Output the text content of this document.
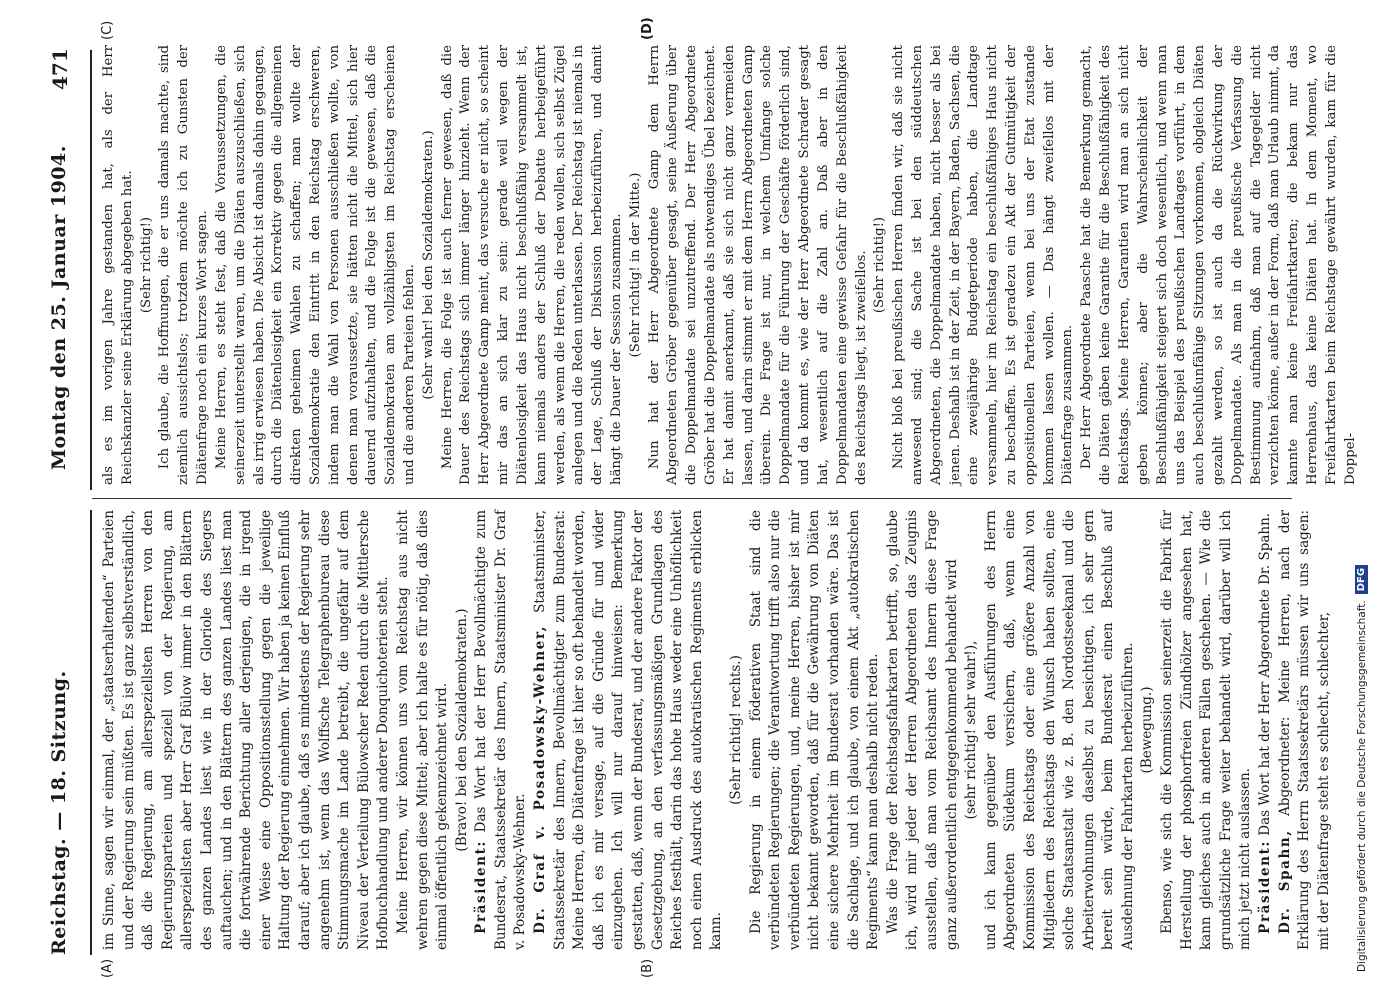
Reichstag. — 18. Sitzung.
Montag den 25. Januar 1904.
471
(A)	(B)
(C)	(D)

im Sinne, sagen wir einmal, der „staatserhaltenden“ Parteien und der Regierung sein müßten. Es ist ganz selbstverständlich, daß die Regierung, am allerspeziellsten Herren von den Regierungsparteien und speziell von der Regierung, am allerspeziellsten aber Herr Graf Bülow immer in den Blättern des ganzen Landes liest wie in der Gloriole des Siegers auftauchen; und in den Blättern des ganzen Landes liest man die fortwährende Berichtung aller derjenigen, die in irgend einer Weise eine Oppositionsstellung gegen die jeweilige Haltung der Regierung einnehmen. Wir haben ja keinen Einfluß darauf; aber ich glaube, daß es mindestens der Regierung sehr angenehm ist, wenn das Wolffsche Telegraphenbureau diese Stimmungsmache im Lande betreibt, die ungefähr auf dem Niveau der Verteilung Bülowscher Reden durch die Mittlersche Hofbuchhandlung und anderer Donquichoterien steht. Meine Herren, wir können uns vom Reichstag aus nicht wehren gegen diese Mittel; aber ich halte es für nötig, daß dies einmal öffentlich gekennzeichnet wird. (Bravo! bei den Sozialdemokraten.)

Präsident: Das Wort hat der Herr Bevollmächtigte zum Bundesrat, Staatssekretär des Innern, Staatsminister Dr. Graf v. Posadowsky-Wehner. Dr. Graf v. Posadowsky-Wehner, Staatsminister, Staatssekretär des Innern, Bevollmächtigter zum Bundesrat: Meine Herren, die Diätenfrage ist hier so oft behandelt worden, daß ich es mir versage, auf die Gründe für und wider einzugehen. Ich will nur darauf hinweisen: Bemerkung gestatten, daß, wenn der Bundesrat, und der andere Faktor der Gesetzgebung, an den verfassungsmäßigen Grundlagen des Reiches festhält, darin das hohe Haus weder eine Unhöflichkeit noch einen Ausdruck des autokratischen Regiments erblicken kann.

(Sehr richtig! rechts.) Die Regierung in einem föderativen Staat sind die verbündeten Regierungen; die Verantwortung trifft also nur die verbündeten Regierungen, und, meine Herren, bisher ist mir nicht bekannt geworden, daß für die Gewährung von Diäten eine sichere Mehrheit im Bundesrat vorhanden wäre. Das ist die Sachlage, und ich glaube, von einem Akt „autokratischen Regiments“ kann man deshalb nicht reden. Was die Frage der Reichstagsfahrkarten betrifft, so, glaube ich, wird mir jeder der Herren Abgeordneten das Zeugnis ausstellen, daß man vom Reichsamt des Innern diese Frage ganz außerordentlich entgegenkommend behandelt wird (sehr richtig! sehr wahr!), und ich kann gegenüber den Ausführungen des Herrn Abgeordneten Südekum versichern, daß, wenn eine Kommission des Reichstags oder eine größere Anzahl von Mitgliedern des Reichstags den Wunsch haben sollten, eine solche Staatsanstalt wie z. B. den Nordostseekanal und die Arbeiterwohnungen daselbst zu besichtigen, ich sehr gern bereit sein würde, beim Bundesrat einen Beschluß auf Ausdehnung der Fahrkarten herbeizuführen. (Bewegung.) Ebenso, wie sich die Kommission seinerzeit die Fabrik für Herstellung der phosphorfreien Zündhölzer angesehen hat, kann gleiches auch in anderen Fällen geschehen. — Wie die grundsätzliche Frage weiter behandelt wird, darüber will ich mich jetzt nicht auslassen. Präsident: Das Wort hat der Herr Abgeordnete Dr. Spahn.

Dr. Spahn, Abgeordneter: Meine Herren, nach der Erklärung des Herrn Staatssekretärs müssen wir uns sagen: mit der Diätenfrage steht es schlecht, schlechter,

als es im vorigen Jahre gestanden hat, als der Herr Reichskanzler seine Erklärung abgegeben hat. (Sehr richtig!) Ich glaube, die Hoffnungen, die er uns damals machte, sind ziemlich aussichtslos; trotzdem möchte ich zu Gunsten der Diätenfrage noch ein kurzes Wort sagen. Meine Herren, es steht fest, daß die Voraussetzungen, die seinerzeit unterstellt waren, um die Diäten auszuschließen, sich als irrig erwiesen haben. Die Absicht ist damals dahin gegangen, durch die Diätenlosigkeit ein Korrektiv gegen die allgemeinen direkten geheimen Wahlen zu schaffen; man wollte der Sozialdemokratie den Eintritt in den Reichstag erschweren, indem man die Wahl von Personen ausschließen wollte, von denen man voraussetzte, sie hätten nicht die Mittel, sich hier dauernd aufzuhalten, und die Folge ist die gewesen, daß die Sozialdemokraten am vollzähligsten im Reichstag erscheinen und die anderen Parteien fehlen. (Sehr wahr! bei den Sozialdemokraten.) Meine Herren, die Folge ist auch ferner gewesen, daß die Dauer des Reichstags sich immer länger hinzieht. Wenn der Herr Abgeordnete Gamp meint, das versuche er nicht, so scheint mir das an sich klar zu sein: gerade weil wegen der Diätenlosigkeit das Haus nicht beschlußfähig versammelt ist, kann niemals anders der Schluß der Debatte herbeigeführt werden, als wenn die Herren, die reden wollen, sich selbst Zügel anlegen und die Reden unterlassen. Der Reichstag ist niemals in der Lage, Schluß der Diskussion herbeizuführen, und damit hängt die Dauer der Session zusammen. (Sehr richtig! in der Mitte.) Nun hat der Herr Abgeordnete Gamp dem Herrn Abgeordneten Gröber gegenüber gesagt, seine Äußerung über die Doppelmandate sei unzutreffend. Der Herr Abgeordnete Gröber hat die Doppelmandate als notwendiges Übel bezeichnet. Er hat damit anerkannt, daß sie sich nicht ganz vermeiden lassen, und darin stimmt er mit dem Herrn Abgeordneten Gamp überein. Die Frage ist nur, in welchem Umfange solche Doppelmandate für die Führung der Geschäfte förderlich sind, und da kommt es, wie der Herr Abgeordnete Schrader gesagt hat, wesentlich auf die Zahl an. Daß aber in den Doppelmandaten eine gewisse Gefahr für die Beschlußfähigkeit des Reichstags liegt, ist zweifellos. (Sehr richtig!) Nicht bloß bei preußischen Herren finden wir, daß sie nicht anwesend sind; die Sache ist bei den süddeutschen Abgeordneten, die Doppelmandate haben, nicht besser als bei jenen. Deshalb ist in der Zeit, in der Bayern, Baden, Sachsen, die eine zweijährige Budgetperiode haben, die Landtage versammeln, hier im Reichstag ein beschlußfähiges Haus nicht zu beschaffen. Es ist geradezu ein Akt der Gutmütigkeit der oppositionellen Parteien, wenn bei uns der Etat zustande kommen lassen wollen. — Das hängt zweifellos mit der Diätenfrage zusammen. Der Herr Abgeordnete Paasche hat die Bemerkung gemacht, die Diäten gäben keine Garantie für die Beschlußfähigkeit des Reichstags. Meine Herren, Garantien wird man an sich nicht geben können; aber die Wahrscheinlichkeit der Beschlußfähigkeit steigert sich doch wesentlich, und wenn man uns das Beispiel des preußischen Landtages vorführt, in dem auch beschlußunfähige Sitzungen vorkommen, obgleich Diäten gezahlt werden, so ist auch da die Rückwirkung der Doppelmandate. Als man in die preußische Verfassung die Bestimmung aufnahm, daß man auf die Tagegelder nicht verzichten könne, außer in der Form, daß man Urlaub nimmt, da kannte man keine Freifahrtkarten; die bekam nur das Herrenhaus, das keine Diäten hat. In dem Moment, wo Freifahrtkarten beim Reichstage gewährt wurden, kam für die Doppel-

Digitalisierung gefördert durch die Deutsche Forschungsgemeinschaft.
DFG
